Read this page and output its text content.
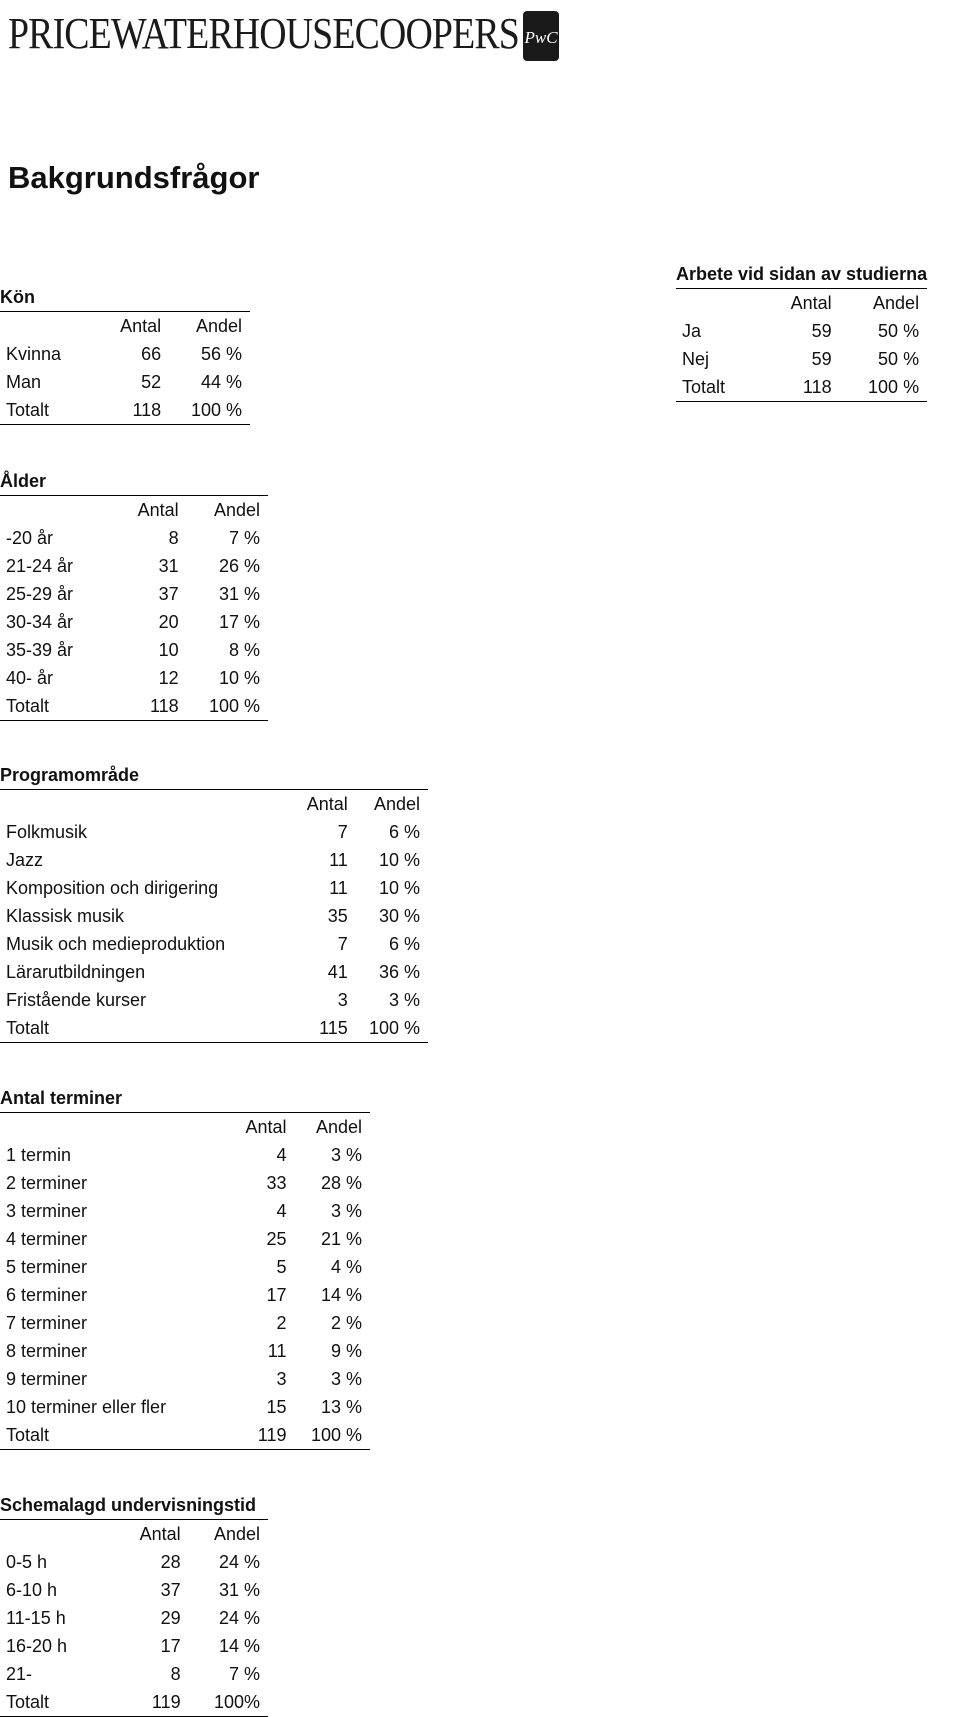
PRICEWATERHOUSECOOPERS PwC
Bakgrundsfrågor
Kön
	Antal	Andel
Kvinna	66	56 %
Man	52	44 %
Totalt	118	100 %
Arbete vid sidan av studierna
	Antal	Andel
Ja	59	50 %
Nej	59	50 %
Totalt	118	100 %
Ålder
	Antal	Andel
-20 år	8	7 %
21-24 år	31	26 %
25-29 år	37	31 %
30-34 år	20	17 %
35-39 år	10	8 %
40- år	12	10 %
Totalt	118	100 %
Programområde
	Antal	Andel
Folkmusik	7	6 %
Jazz	11	10 %
Komposition och dirigering	11	10 %
Klassisk musik	35	30 %
Musik och medieproduktion	7	6 %
Lärarutbildningen	41	36 %
Fristående kurser	3	3 %
Totalt	115	100 %
Antal terminer
	Antal	Andel
1 termin	4	3 %
2 terminer	33	28 %
3 terminer	4	3 %
4 terminer	25	21 %
5 terminer	5	4 %
6 terminer	17	14 %
7 terminer	2	2 %
8 terminer	11	9 %
9 terminer	3	3 %
10 terminer eller fler	15	13 %
Totalt	119	100 %
Schemalagd undervisningstid
	Antal	Andel
0-5 h	28	24 %
6-10 h	37	31 %
11-15 h	29	24 %
16-20 h	17	14 %
21-	8	7 %
Totalt	119	100%
